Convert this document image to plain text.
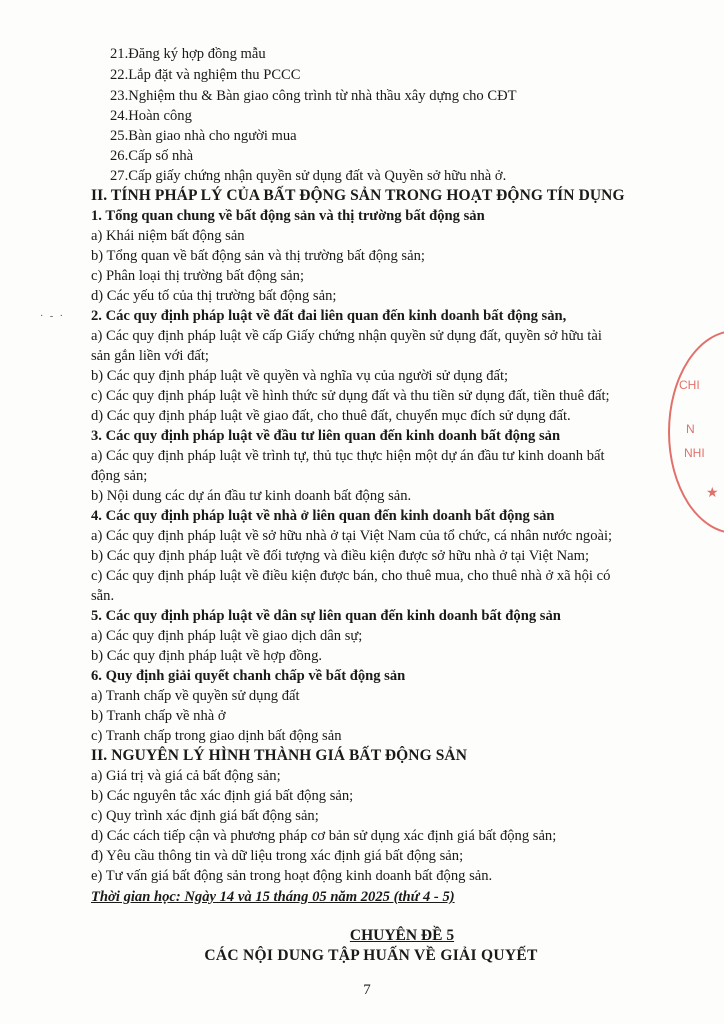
21.Đăng ký hợp đồng mẫu
22.Lắp đặt và nghiệm thu PCCC
23.Nghiệm thu & Bàn giao công trình từ nhà thầu xây dựng cho CĐT
24.Hoàn công
25.Bàn giao nhà cho người mua
26.Cấp số nhà
27.Cấp giấy chứng nhận quyền sử dụng đất và Quyền sở hữu nhà ở.
II. TÍNH PHÁP LÝ CỦA BẤT ĐỘNG SẢN TRONG HOẠT ĐỘNG TÍN DỤNG
1. Tổng quan chung về bất động sản và thị trường bất động sản
a) Khái niệm bất động sản
b) Tổng quan về bất động sản và thị trường bất động sản;
c) Phân loại thị trường bất động sản;
d) Các yếu tố của thị trường bất động sản;
2. Các quy định pháp luật về đất đai liên quan đến kinh doanh bất động sản,
a) Các quy định pháp luật về cấp Giấy chứng nhận quyền sử dụng đất, quyền sở hữu tài
sản gắn liền với đất;
b) Các quy định pháp luật về quyền và nghĩa vụ của người sử dụng đất;
c) Các quy định pháp luật về hình thức sử dụng đất và thu tiền sử dụng đất, tiền thuê đất;
d) Các quy định pháp luật về giao đất, cho thuê đất, chuyển mục đích sử dụng đất.
3. Các quy định pháp luật về đầu tư liên quan đến kinh doanh bất động sản
a) Các quy định pháp luật về trình tự, thủ tục thực hiện một dự án đầu tư kinh doanh bất
động sản;
b) Nội dung các dự án đầu tư kinh doanh bất động sản.
4. Các quy định pháp luật về nhà ở liên quan đến kinh doanh bất động sản
a) Các quy định pháp luật về sở hữu nhà ở tại Việt Nam của tổ chức, cá nhân nước ngoài;
b) Các quy định pháp luật về đối tượng và điều kiện được sở hữu nhà ở tại Việt Nam;
c) Các quy định pháp luật về điều kiện được bán, cho thuê mua, cho thuê nhà ở xã hội có
sẵn.
5. Các quy định pháp luật về dân sự liên quan đến kinh doanh bất động sản
a) Các quy định pháp luật về giao dịch dân sự;
b) Các quy định pháp luật về hợp đồng.
6. Quy định giải quyết chanh chấp về bất động sản
a) Tranh chấp về quyền sử dụng đất
b) Tranh chấp về nhà ở
c) Tranh chấp trong giao dịnh bất động sản
II. NGUYÊN LÝ HÌNH THÀNH GIÁ BẤT ĐỘNG SẢN
a) Giá trị và giá cả bất động sản;
b) Các nguyên tắc xác định giá bất động sản;
c) Quy trình xác định giá bất động sản;
d) Các cách tiếp cận và phương pháp cơ bản sử dụng xác định giá bất động sản;
đ) Yêu cầu thông tin và dữ liệu trong xác định giá bất động sản;
e) Tư vấn giá bất động sản trong hoạt động kinh doanh bất động sản.
Thời gian học: Ngày 14 và 15 tháng 05 năm 2025 (thứ 4 - 5)
CHUYÊN ĐỀ 5
CÁC NỘI DUNG TẬP HUẤN VỀ GIẢI QUYẾT
7
· - ·
CHI
N
NHI
★
